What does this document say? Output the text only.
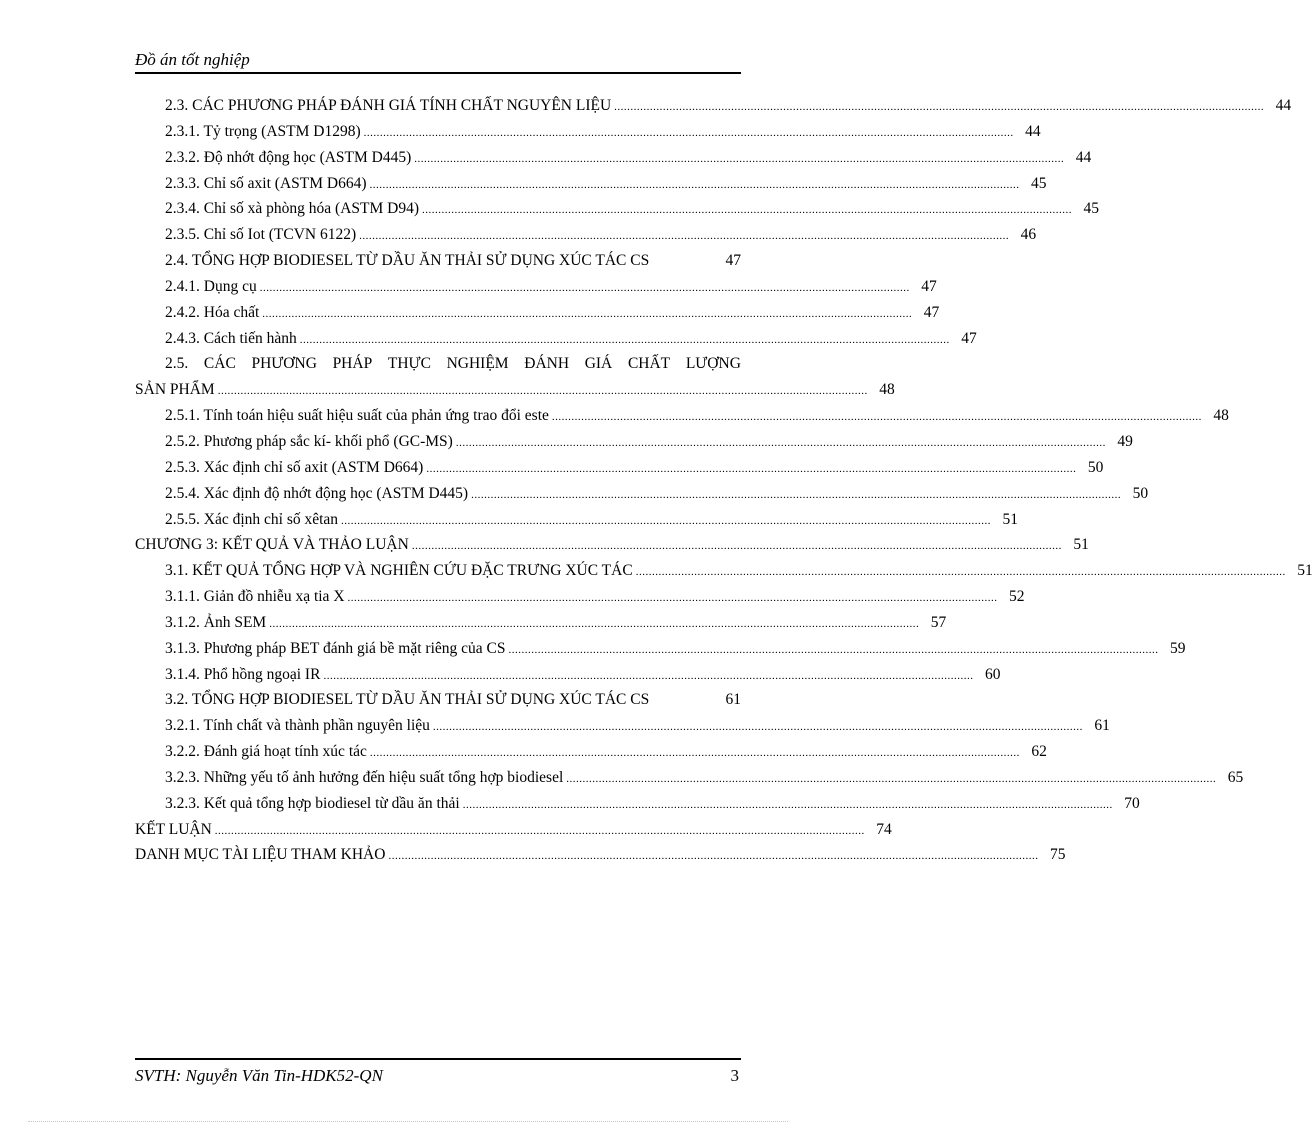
Đồ án tốt nghiệp
2.3. CÁC PHƯƠNG PHÁP ĐÁNH GIÁ TÍNH CHẤT NGUYÊN LIỆU ........................................................................................................................................................................................................ 44
2.3.1. Tỷ trọng (ASTM D1298) ........................................................................................................................................................................................................ 44
2.3.2. Độ nhớt động học (ASTM D445) ........................................................................................................................................................................................................ 44
2.3.3. Chỉ số axit (ASTM D664) ........................................................................................................................................................................................................ 45
2.3.4. Chỉ số xà phòng hóa (ASTM D94) ........................................................................................................................................................................................................ 45
2.3.5. Chỉ số Iot (TCVN 6122) ........................................................................................................................................................................................................ 46
2.4. TỔNG HỢP BIODIESEL TỪ DẦU ĂN THẢI SỬ DỤNG XÚC TÁC CS	47
2.4.1. Dụng cụ ........................................................................................................................................................................................................ 47
2.4.2. Hóa chất ........................................................................................................................................................................................................ 47
2.4.3. Cách tiến hành ........................................................................................................................................................................................................ 47
2.5. CÁC PHƯƠNG PHÁP THỰC NGHIỆM ĐÁNH GIÁ CHẤT LƯỢNG
SẢN PHẨM ........................................................................................................................................................................................................ 48
2.5.1. Tính toán hiệu suất hiệu suất của phản ứng trao đổi este ........................................................................................................................................................................................................ 48
2.5.2. Phương pháp sắc kí- khối phổ (GC-MS) ........................................................................................................................................................................................................ 49
2.5.3. Xác định chỉ số axit (ASTM D664) ........................................................................................................................................................................................................ 50
2.5.4. Xác định độ nhớt động học (ASTM D445) ........................................................................................................................................................................................................ 50
2.5.5. Xác định chỉ số xêtan ........................................................................................................................................................................................................ 51
CHƯƠNG 3: KẾT QUẢ VÀ THẢO LUẬN ........................................................................................................................................................................................................ 51
3.1. KẾT QUẢ TỔNG HỢP VÀ NGHIÊN CỨU ĐẶC TRƯNG XÚC TÁC ........................................................................................................................................................................................................ 51
3.1.1. Giản đồ nhiễu xạ tia X ........................................................................................................................................................................................................ 52
3.1.2. Ảnh SEM ........................................................................................................................................................................................................ 57
3.1.3. Phương pháp BET đánh giá bề mặt riêng của CS ........................................................................................................................................................................................................ 59
3.1.4. Phổ hồng ngoại IR ........................................................................................................................................................................................................ 60
3.2. TỔNG HỢP BIODIESEL TỪ DẦU ĂN THẢI SỬ DỤNG XÚC TÁC CS	61
3.2.1. Tính chất và thành phần nguyên liệu ........................................................................................................................................................................................................ 61
3.2.2. Đánh giá hoạt tính xúc tác ........................................................................................................................................................................................................ 62
3.2.3. Những yếu tố ảnh hưởng đến hiệu suất tổng hợp biodiesel ........................................................................................................................................................................................................ 65
3.2.3. Kết quả tổng hợp biodiesel từ dầu ăn thải ........................................................................................................................................................................................................ 70
KẾT LUẬN ........................................................................................................................................................................................................ 74
DANH MỤC TÀI LIỆU THAM KHẢO ........................................................................................................................................................................................................ 75
SVTH: Nguyễn Văn Tin-HDK52-QN	3
